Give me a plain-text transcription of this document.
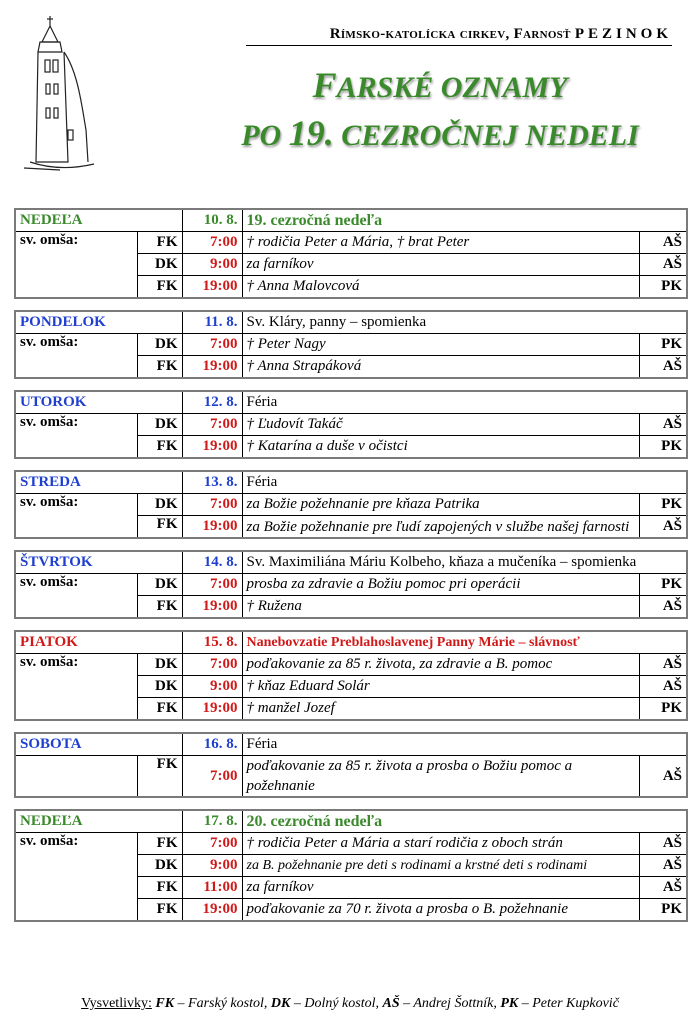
Rímsko-katolícka cirkev, Farnosť PEZINOK
FARSKÉ OZNAMY
PO 19. CEZROČNEJ NEDELI
NEDEĽA		10. 8.	19. cezročná nedeľa	
sv. omša:	FK	7:00	† rodičia Peter a Mária, † brat Peter	AŠ
	DK	9:00	za farníkov	AŠ
	FK	19:00	† Anna Malovcová	PK
PONDELOK		11. 8.	Sv. Kláry, panny – spomienka	
sv. omša:	DK	7:00	† Peter Nagy	PK
	FK	19:00	† Anna Strapáková	AŠ
UTOROK		12. 8.	Féria	
sv. omša:	DK	7:00	† Ľudovít Takáč	AŠ
	FK	19:00	† Katarína a duše v očistci	PK
STREDA		13. 8.	Féria	
sv. omša:	DK	7:00	za Božie požehnanie pre kňaza Patrika	PK
	FK	19:00	za Božie požehnanie pre ľudí zapojených v službe našej farnosti	AŠ
ŠTVRTOK		14. 8.	Sv. Maximiliána Máriu Kolbeho, kňaza a mučeníka – spomienka	
sv. omša:	DK	7:00	prosba za zdravie a Božiu pomoc pri operácii	PK
	FK	19:00	† Ružena	AŠ
PIATOK		15. 8.	Nanebovzatie Preblahoslavenej Panny Márie – slávnosť	
sv. omša:	DK	7:00	poďakovanie za 85 r. života, za zdravie a B. pomoc	AŠ
	DK	9:00	† kňaz Eduard Solár	AŠ
	FK	19:00	† manžel Jozef	PK
SOBOTA		16. 8.	Féria	
	FK	7:00	poďakovanie za 85 r. života a prosba o Božiu pomoc a požehnanie	AŠ
NEDEĽA		17. 8.	20. cezročná nedeľa	
sv. omša:	FK	7:00	† rodičia Peter a Mária a starí rodičia z oboch strán	AŠ
	DK	9:00	za B. požehnanie pre deti s rodinami a krstné deti s rodinami	AŠ
	FK	11:00	za farníkov	AŠ
	FK	19:00	poďakovanie za 70 r. života a prosba o B. požehnanie	PK
Vysvetlivky: FK – Farský kostol, DK – Dolný kostol, AŠ – Andrej Šottník, PK – Peter Kupkovič
